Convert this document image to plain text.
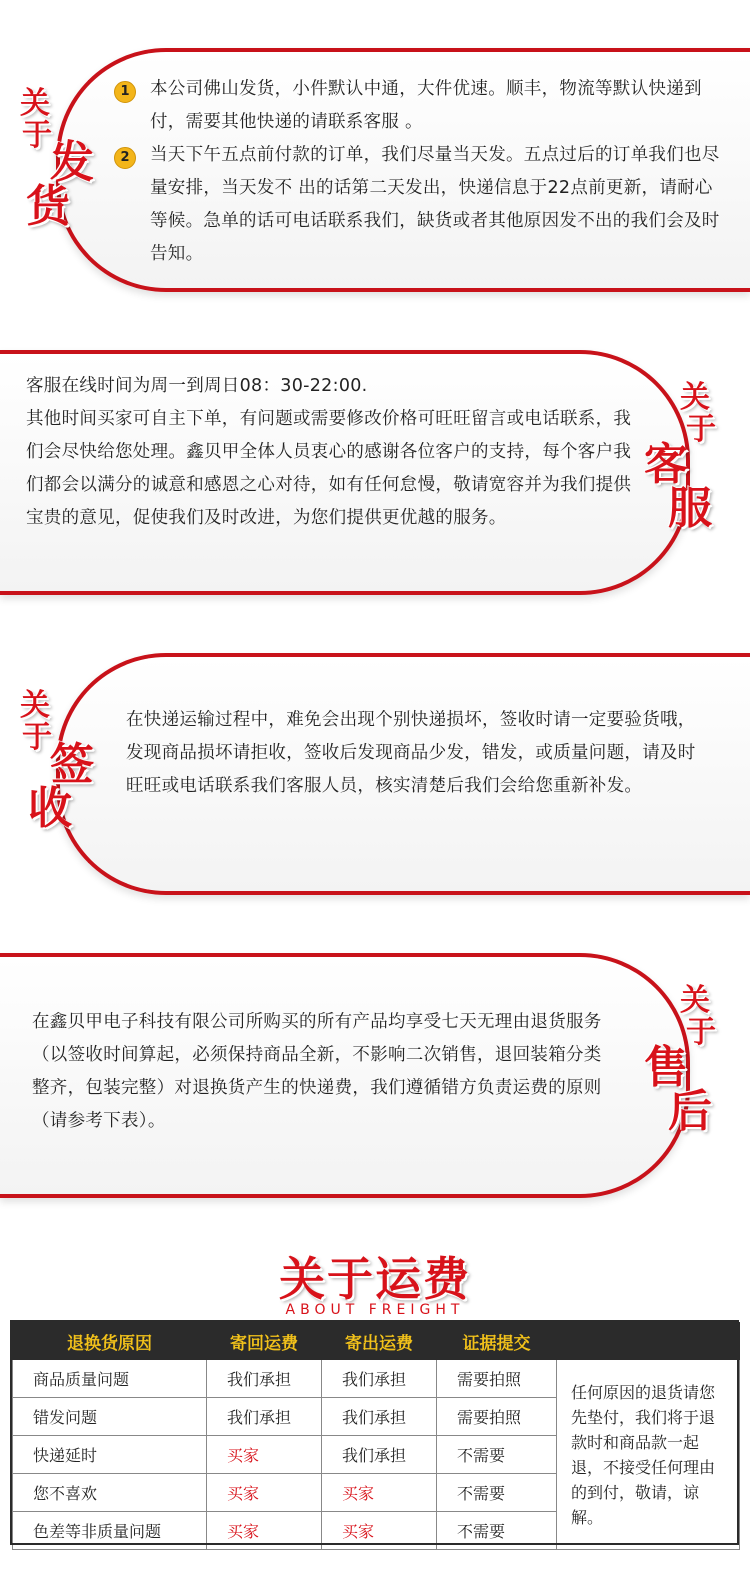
关
于
发
货
1	本公司佛山发货，小件默认中通，大件优速。顺丰，物流等默认快递到付，需要其他快递的请联系客服 。
2	当天下午五点前付款的订单，我们尽量当天发。五点过后的订单我们也尽量安排，当天发不 出的话第二天发出，快递信息于22点前更新，请耐心等候。急单的话可电话联系我们，缺货或者其他原因发不出的我们会及时告知。

客服在线时间为周一到周日08：30-22:00.

其他时间买家可自主下单，有问题或需要修改价格可旺旺留言或电话联系，我们会尽快给您处理。鑫贝甲全体人员衷心的感谢各位客户的支持，每个客户我们都会以满分的诚意和感恩之心对待，如有任何怠慢，敬请宽容并为我们提供宝贵的意见，促使我们及时改进，为您们提供更优越的服务。

关
于
客
服
关
于
签
收
在快递运输过程中，难免会出现个别快递损坏，签收时请一定要验货哦，发现商品损坏请拒收，签收后发现商品少发，错发，或质量问题，请及时旺旺或电话联系我们客服人员，核实清楚后我们会给您重新补发。
在鑫贝甲电子科技有限公司所购买的所有产品均享受七天无理由退货服务（以签收时间算起，必须保持商品全新，不影响二次销售，退回装箱分类整齐，包装完整）对退换货产生的快递费，我们遵循错方负责运费的原则（请参考下表）。
关
于
售
后
关于运费
ABOUT FREIGHT
退换货原因	寄回运费	寄出运费	证据提交	
商品质量问题	我们承担	我们承担	需要拍照	任何原因的退货请您先垫付，我们将于退款时和商品款一起退，不接受任何理由的到付，敬请，谅解。
错发问题	我们承担	我们承担	需要拍照	
快递延时	买家	我们承担	不需要	
您不喜欢	买家	买家	不需要	
色差等非质量问题	买家	买家	不需要	
